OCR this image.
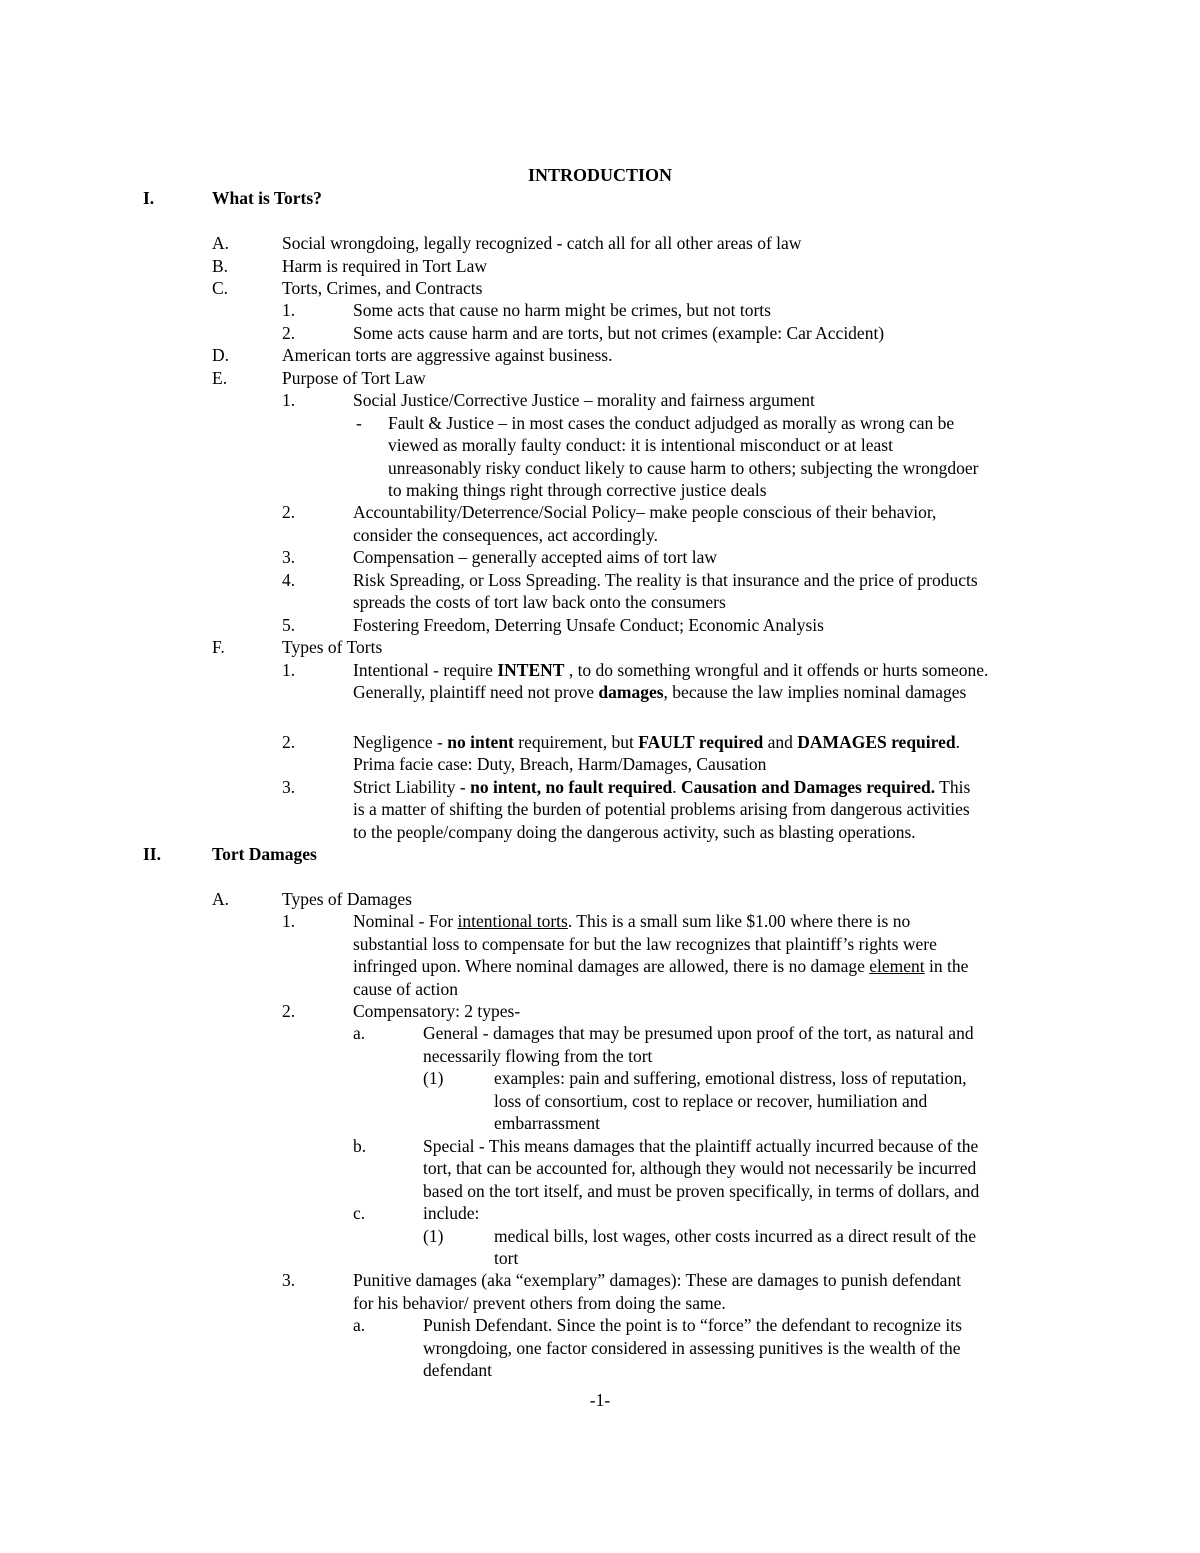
INTRODUCTION
I.	What is Torts?
A.	Social wrongdoing, legally recognized - catch all for all other areas of law
B.	Harm is required in Tort Law
C.	Torts, Crimes, and Contracts
1.	Some acts that cause no harm might be crimes, but not torts
2.	Some acts cause harm and are torts, but not crimes (example: Car Accident)
D.	American torts are aggressive against business.
E.	Purpose of Tort Law
1.	Social Justice/Corrective Justice – morality and fairness argument
- Fault & Justice – in most cases the conduct adjudged as morally as wrong can be
viewed as morally faulty conduct: it is intentional misconduct or at least
unreasonably risky conduct likely to cause harm to others; subjecting the wrongdoer
to making things right through corrective justice deals
2.	Accountability/Deterrence/Social Policy– make people conscious of their behavior,
consider the consequences, act accordingly.
3.	Compensation – generally accepted aims of tort law
4.	Risk Spreading, or Loss Spreading. The reality is that insurance and the price of products
spreads the costs of tort law back onto the consumers
5.	Fostering Freedom, Deterring Unsafe Conduct; Economic Analysis
F.	Types of Torts
1.	Intentional - require INTENT , to do something wrongful and it offends or hurts someone.
Generally, plaintiff need not prove damages, because the law implies nominal damages
2.	Negligence - no intent requirement, but FAULT required and DAMAGES required.
Prima facie case: Duty, Breach, Harm/Damages, Causation
3.	Strict Liability - no intent, no fault required. Causation and Damages required. This
is a matter of shifting the burden of potential problems arising from dangerous activities
to the people/company doing the dangerous activity, such as blasting operations.
II.	Tort Damages
A.	Types of Damages
1.	Nominal - For intentional torts. This is a small sum like $1.00 where there is no
substantial loss to compensate for but the law recognizes that plaintiff’s rights were
infringed upon. Where nominal damages are allowed, there is no damage element in the
cause of action
2.	Compensatory: 2 types-
a.	General - damages that may be presumed upon proof of the tort, as natural and
necessarily flowing from the tort
(1)	examples: pain and suffering, emotional distress, loss of reputation,
loss of consortium, cost to replace or recover, humiliation and
embarrassment
b.	Special - This means damages that the plaintiff actually incurred because of the
tort, that can be accounted for, although they would not necessarily be incurred
based on the tort itself, and must be proven specifically, in terms of dollars, and
c.	include:
(1)	medical bills, lost wages, other costs incurred as a direct result of the
tort
3.	Punitive damages (aka “exemplary” damages): These are damages to punish defendant
for his behavior/ prevent others from doing the same.
a.	Punish Defendant. Since the point is to “force” the defendant to recognize its
wrongdoing, one factor considered in assessing punitives is the wealth of the
defendant
-1-
